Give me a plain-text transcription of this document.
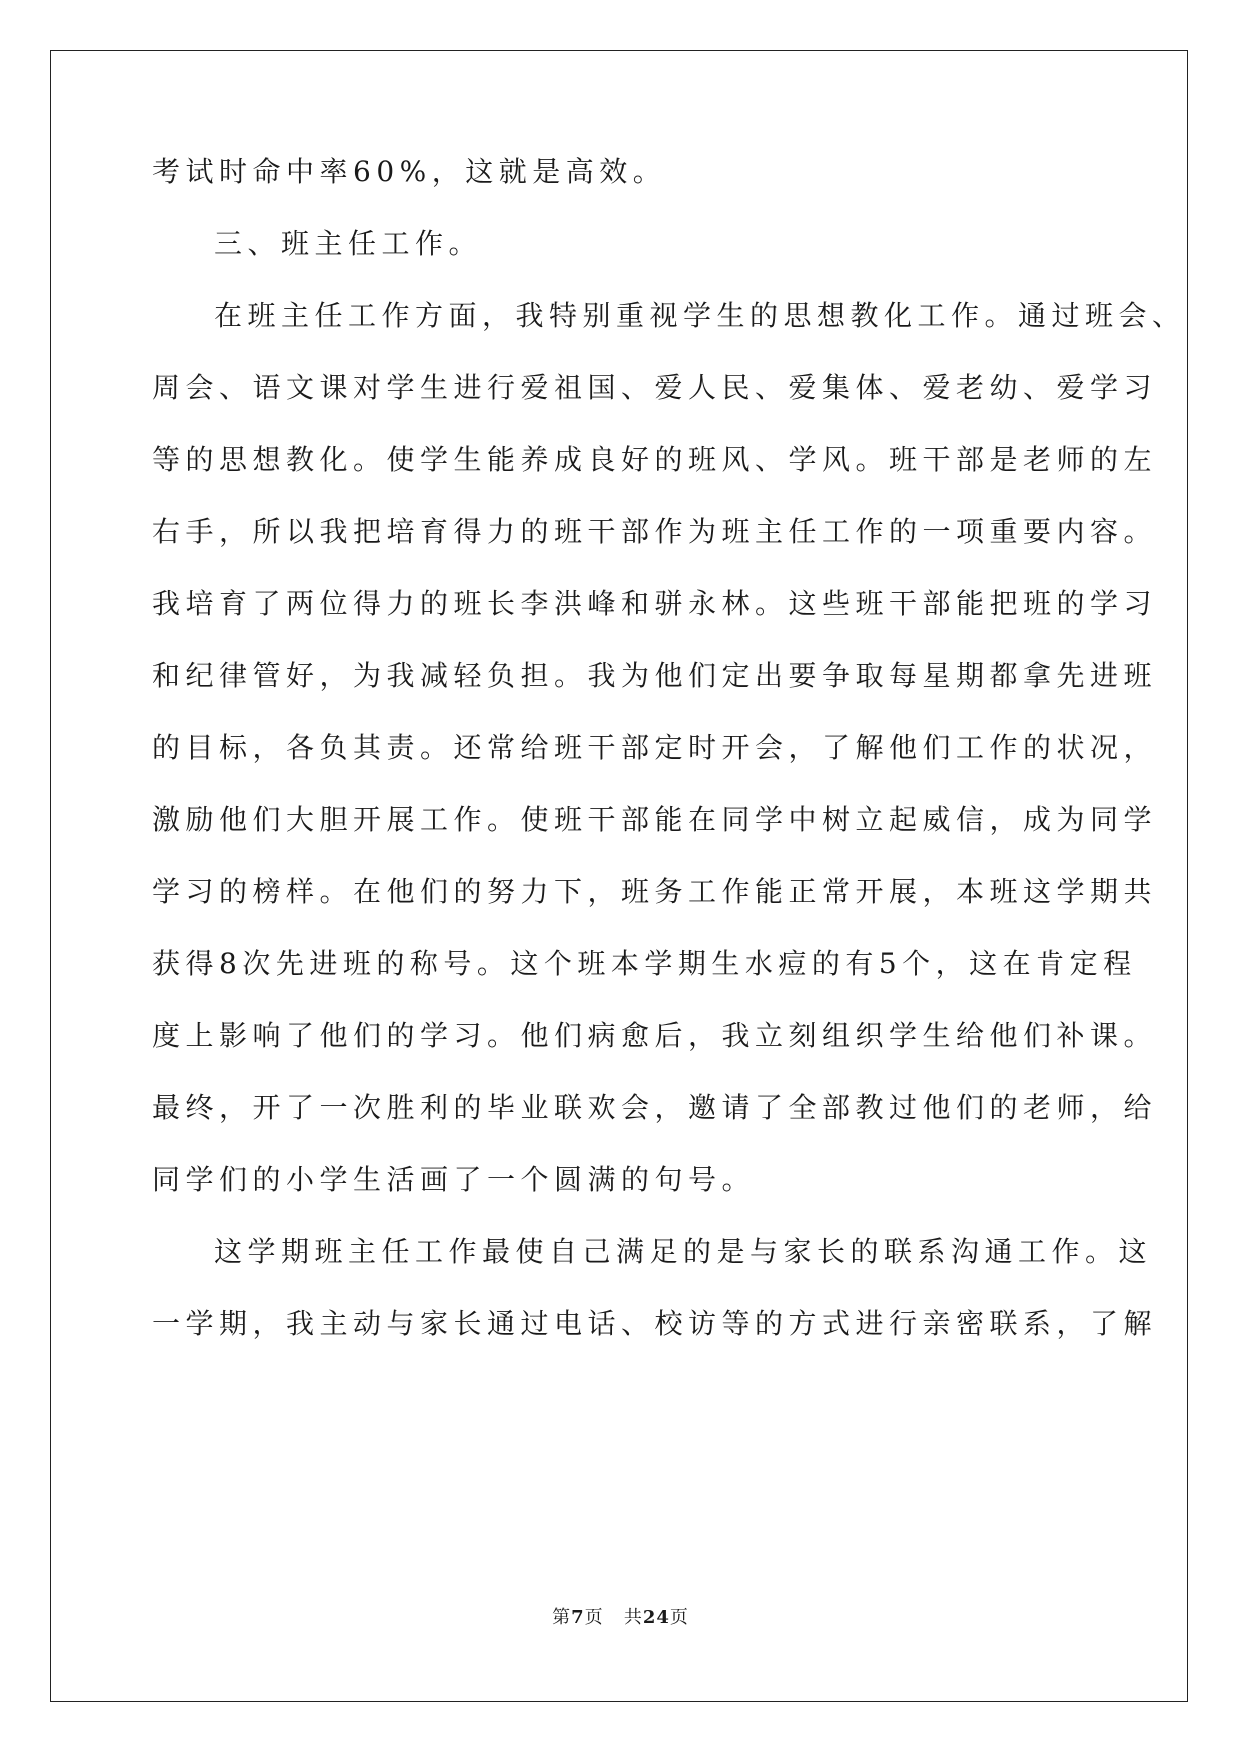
考试时命中率60%，这就是高效。
三、班主任工作。
在班主任工作方面，我特别重视学生的思想教化工作。通过班会、
周会、语文课对学生进行爱祖国、爱人民、爱集体、爱老幼、爱学习
等的思想教化。使学生能养成良好的班风、学风。班干部是老师的左
右手，所以我把培育得力的班干部作为班主任工作的一项重要内容。
我培育了两位得力的班长李洪峰和骈永林。这些班干部能把班的学习
和纪律管好，为我减轻负担。我为他们定出要争取每星期都拿先进班
的目标，各负其责。还常给班干部定时开会，了解他们工作的状况，
激励他们大胆开展工作。使班干部能在同学中树立起威信，成为同学
学习的榜样。在他们的努力下，班务工作能正常开展，本班这学期共
获得8次先进班的称号。这个班本学期生水痘的有5个，这在肯定程
度上影响了他们的学习。他们病愈后，我立刻组织学生给他们补课。
最终，开了一次胜利的毕业联欢会，邀请了全部教过他们的老师，给
同学们的小学生活画了一个圆满的句号。
这学期班主任工作最使自己满足的是与家长的联系沟通工作。这
一学期，我主动与家长通过电话、校访等的方式进行亲密联系，了解
第7页 共24页
